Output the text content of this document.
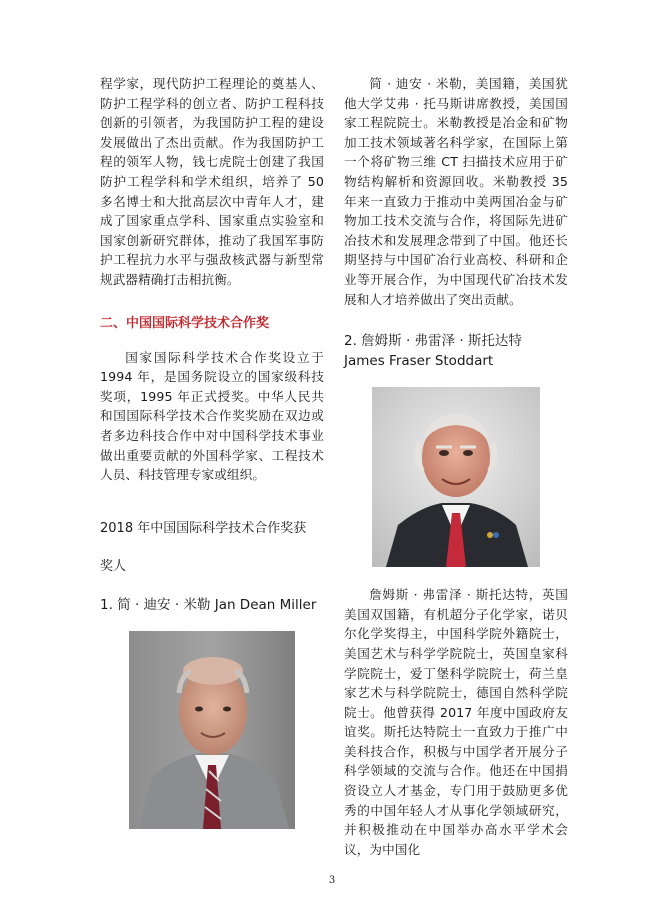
程学家，现代防护工程理论的奠基人、防护工程学科的创立者、防护工程科技创新的引领者，为我国防护工程的建设发展做出了杰出贡献。作为我国防护工程的领军人物，钱七虎院士创建了我国防护工程学科和学术组织，培养了 50 多名博士和大批高层次中青年人才，建成了国家重点学科、国家重点实验室和国家创新研究群体，推动了我国军事防护工程抗力水平与强敌核武器与新型常规武器精确打击相抗衡。

二、中国国际科学技术合作奖

国家国际科学技术合作奖设立于 1994 年，是国务院设立的国家级科技奖项，1995 年正式授奖。中华人民共和国国际科学技术合作奖奖励在双边或者多边科技合作中对中国科学技术事业做出重要贡献的外国科学家、工程技术人员、科技管理专家或组织。

2018 年中国国际科学技术合作奖获
奖人
1. 简 · 迪安 · 米勒 Jan Dean Miller

简 · 迪安 · 米勒，美国籍，美国犹他大学艾弗 · 托马斯讲席教授，美国国家工程院院士。米勒教授是冶金和矿物加工技术领域著名科学家，在国际上第一个将矿物三维 CT 扫描技术应用于矿物结构解析和资源回收。米勒教授 35 年来一直致力于推动中美两国冶金与矿物加工技术交流与合作，将国际先进矿冶技术和发展理念带到了中国。他还长期坚持与中国矿冶行业高校、科研和企业等开展合作，为中国现代矿冶技术发展和人才培养做出了突出贡献。

2. 詹姆斯 · 弗雷泽 · 斯托达特
James Fraser Stoddart

詹姆斯 · 弗雷泽 · 斯托达特，英国美国双国籍，有机超分子化学家，诺贝尔化学奖得主，中国科学院外籍院士，美国艺术与科学学院院士，英国皇家科学院院士，爱丁堡科学院院士，荷兰皇家艺术与科学院院士，德国自然科学院院士。他曾获得 2017 年度中国政府友谊奖。斯托达特院士一直致力于推广中美科技合作，积极与中国学者开展分子科学领域的交流与合作。他还在中国捐资设立人才基金，专门用于鼓励更多优秀的中国年轻人才从事化学领域研究，并积极推动在中国举办高水平学术会议，为中国化

3
